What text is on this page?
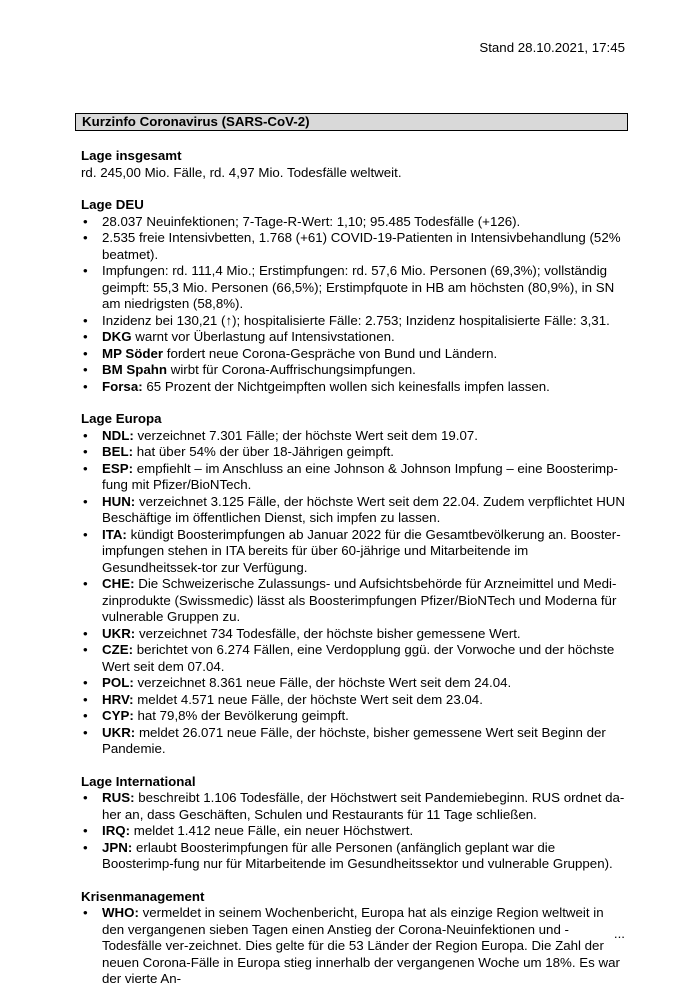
Stand 28.10.2021, 17:45
Kurzinfo Coronavirus (SARS-CoV-2)
Lage insgesamt
rd. 245,00 Mio. Fälle, rd. 4,97 Mio. Todesfälle weltweit.
Lage DEU
• 28.037 Neuinfektionen; 7-Tage-R-Wert: 1,10; 95.485 Todesfälle (+126).
• 2.535 freie Intensivbetten, 1.768 (+61) COVID-19-Patienten in Intensivbehandlung (52% beatmet).
• Impfungen: rd. 111,4 Mio.; Erstimpfungen: rd. 57,6 Mio. Personen (69,3%); vollständig geimpft: 55,3 Mio. Personen (66,5%); Erstimpfquote in HB am höchsten (80,9%), in SN am niedrigsten (58,8%).
• Inzidenz bei 130,21 (↑); hospitalisierte Fälle: 2.753; Inzidenz hospitalisierte Fälle: 3,31.
• DKG warnt vor Überlastung auf Intensivstationen.
• MP Söder fordert neue Corona-Gespräche von Bund und Ländern.
• BM Spahn wirbt für Corona-Auffrischungsimpfungen.
• Forsa: 65 Prozent der Nichtgeimpften wollen sich keinesfalls impfen lassen.
Lage Europa
• NDL: verzeichnet 7.301 Fälle; der höchste Wert seit dem 19.07.
• BEL: hat über 54% der über 18-Jährigen geimpft.
• ESP: empfiehlt – im Anschluss an eine Johnson & Johnson Impfung – eine Boosterimp-fung mit Pfizer/BioNTech.
• HUN: verzeichnet 3.125 Fälle, der höchste Wert seit dem 22.04. Zudem verpflichtet HUN Beschäftige im öffentlichen Dienst, sich impfen zu lassen.
• ITA: kündigt Boosterimpfungen ab Januar 2022 für die Gesamtbevölkerung an. Booster-impfungen stehen in ITA bereits für über 60-jährige und Mitarbeitende im Gesundheitssek-tor zur Verfügung.
• CHE: Die Schweizerische Zulassungs- und Aufsichtsbehörde für Arzneimittel und Medi-zinprodukte (Swissmedic) lässt als Boosterimpfungen Pfizer/BioNTech und Moderna für vulnerable Gruppen zu.
• UKR: verzeichnet 734 Todesfälle, der höchste bisher gemessene Wert.
• CZE: berichtet von 6.274 Fällen, eine Verdopplung ggü. der Vorwoche und der höchste Wert seit dem 07.04.
• POL: verzeichnet 8.361 neue Fälle, der höchste Wert seit dem 24.04.
• HRV: meldet 4.571 neue Fälle, der höchste Wert seit dem 23.04.
• CYP: hat 79,8% der Bevölkerung geimpft.
• UKR: meldet 26.071 neue Fälle, der höchste, bisher gemessene Wert seit Beginn der Pandemie.
Lage International
• RUS: beschreibt 1.106 Todesfälle, der Höchstwert seit Pandemiebeginn. RUS ordnet da-her an, dass Geschäften, Schulen und Restaurants für 11 Tage schließen.
• IRQ: meldet 1.412 neue Fälle, ein neuer Höchstwert.
• JPN: erlaubt Boosterimpfungen für alle Personen (anfänglich geplant war die Boosterimp-fung nur für Mitarbeitende im Gesundheitssektor und vulnerable Gruppen).
Krisenmanagement
• WHO: vermeldet in seinem Wochenbericht, Europa hat als einzige Region weltweit in den vergangenen sieben Tagen einen Anstieg der Corona-Neuinfektionen und -Todesfälle ver-zeichnet. Dies gelte für die 53 Länder der Region Europa. Die Zahl der neuen Corona-Fälle in Europa stieg innerhalb der vergangenen Woche um 18%. Es war der vierte An-
...
